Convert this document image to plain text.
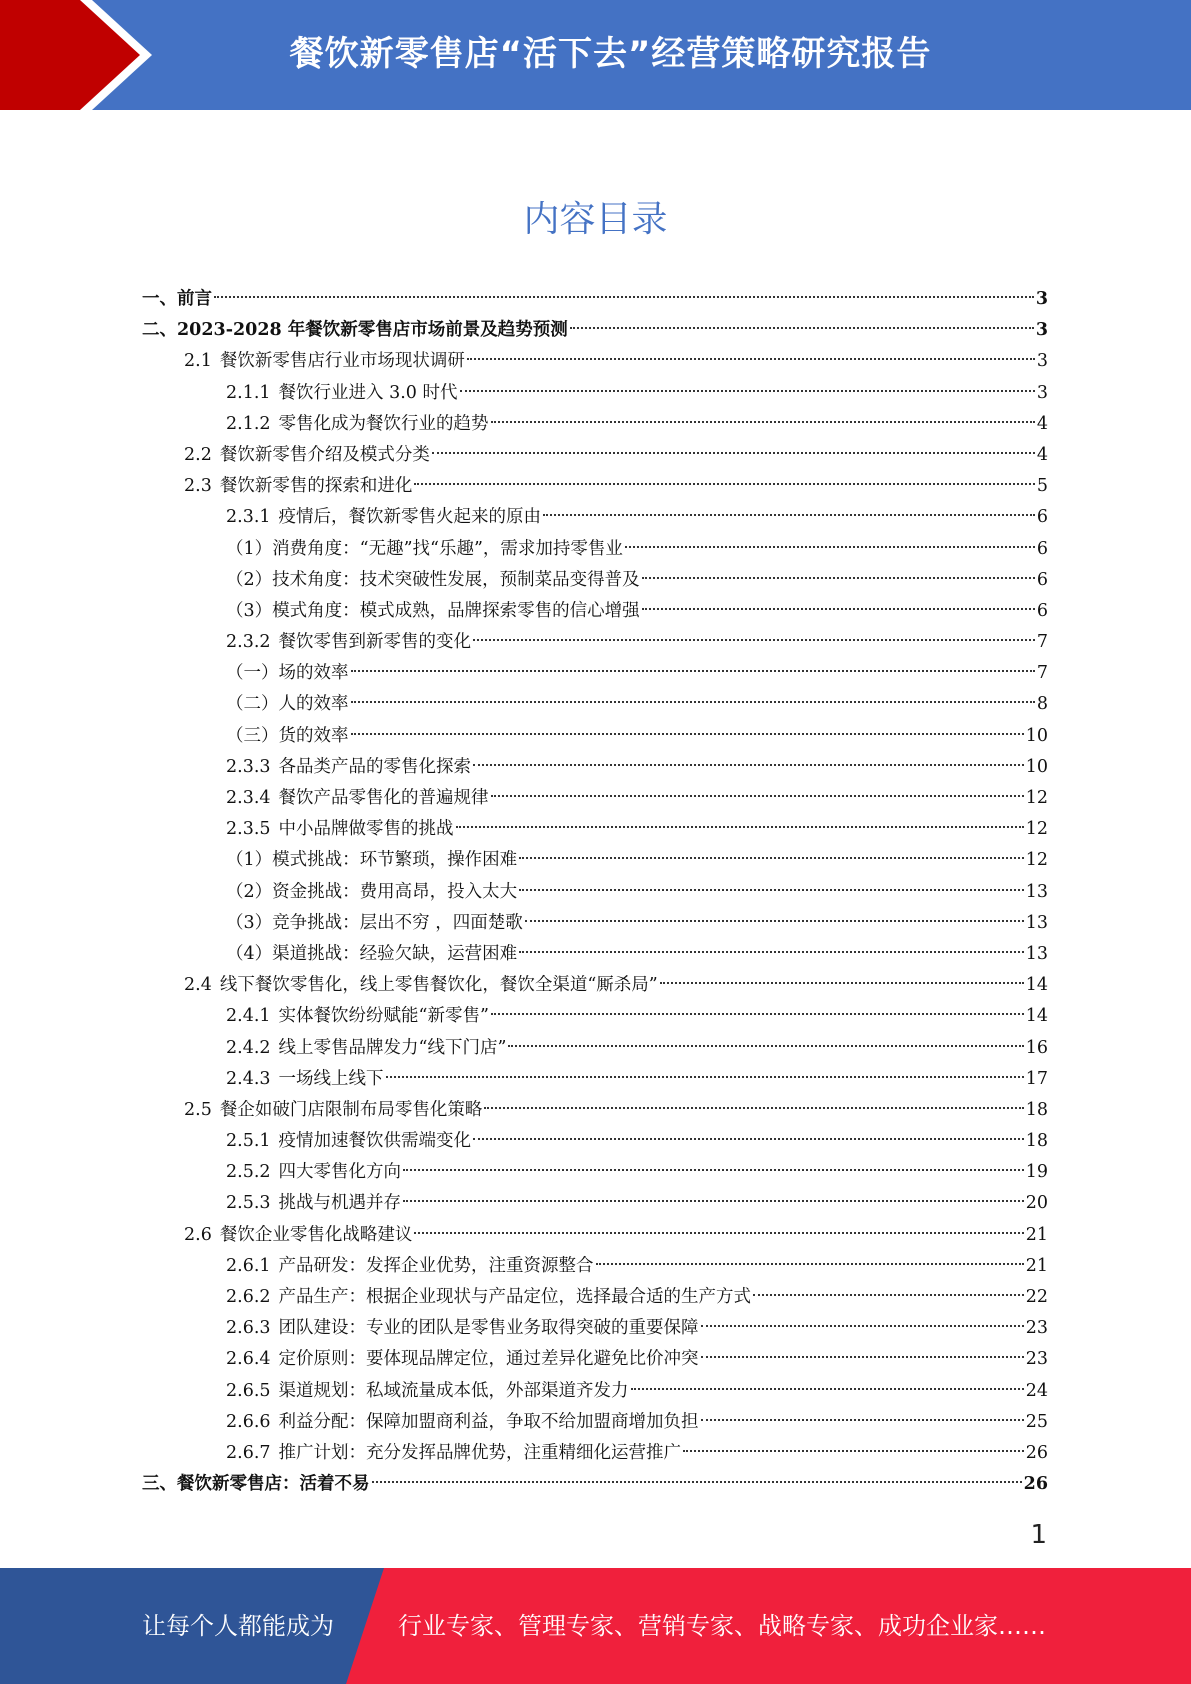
餐饮新零售店“活下去”经营策略研究报告
内容目录
一、前言	3
二、2023-2028 年餐饮新零售店市场前景及趋势预测	3
2.1 餐饮新零售店行业市场现状调研	3
2.1.1 餐饮行业进入 3.0 时代	3
2.1.2 零售化成为餐饮行业的趋势	4
2.2 餐饮新零售介绍及模式分类	4
2.3 餐饮新零售的探索和进化	5
2.3.1 疫情后，餐饮新零售火起来的原由	6
（1）消费角度：“无趣”找“乐趣”，需求加持零售业	6
（2）技术角度：技术突破性发展，预制菜品变得普及	6
（3）模式角度：模式成熟，品牌探索零售的信心增强	6
2.3.2 餐饮零售到新零售的变化	7
（一）场的效率	7
（二）人的效率	8
（三）货的效率	10
2.3.3 各品类产品的零售化探索	10
2.3.4 餐饮产品零售化的普遍规律	12
2.3.5 中小品牌做零售的挑战	12
（1）模式挑战：环节繁琐，操作困难	12
（2）资金挑战：费用高昂，投入太大	13
（3）竞争挑战：层出不穷 ，四面楚歌	13
（4）渠道挑战：经验欠缺，运营困难	13
2.4 线下餐饮零售化，线上零售餐饮化，餐饮全渠道“厮杀局”	14
2.4.1 实体餐饮纷纷赋能“新零售”	14
2.4.2 线上零售品牌发力“线下门店”	16
2.4.3 一场线上线下	17
2.5 餐企如破门店限制布局零售化策略	18
2.5.1 疫情加速餐饮供需端变化	18
2.5.2 四大零售化方向	19
2.5.3 挑战与机遇并存	20
2.6 餐饮企业零售化战略建议	21
2.6.1 产品研发：发挥企业优势，注重资源整合	21
2.6.2 产品生产：根据企业现状与产品定位，选择最合适的生产方式	22
2.6.3 团队建设：专业的团队是零售业务取得突破的重要保障	23
2.6.4 定价原则：要体现品牌定位，通过差异化避免比价冲突	23
2.6.5 渠道规划：私域流量成本低，外部渠道齐发力	24
2.6.6 利益分配：保障加盟商利益，争取不给加盟商增加负担	25
2.6.7 推广计划：充分发挥品牌优势，注重精细化运营推广	26
三、餐饮新零售店：活着不易	26
1
让每个人都能成为	行业专家、管理专家、营销专家、战略专家、成功企业家……
